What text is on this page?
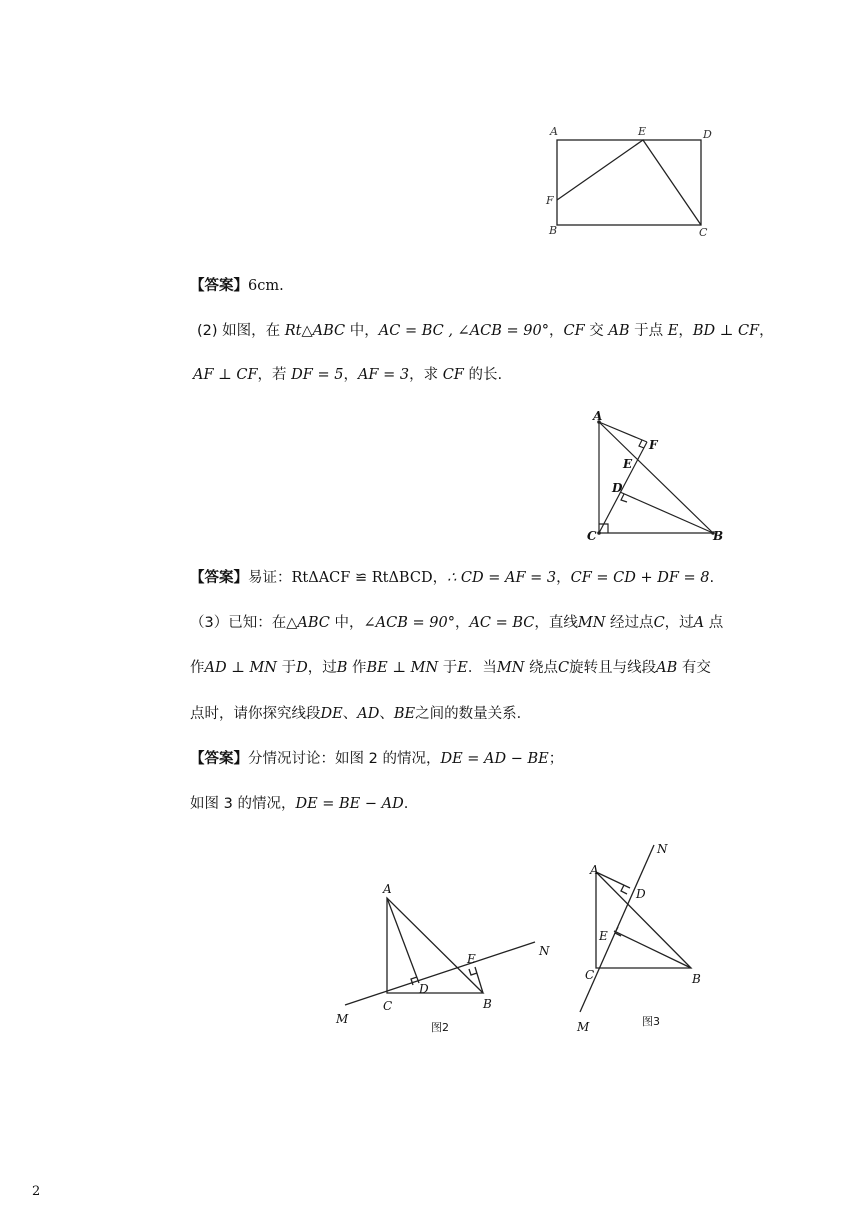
A	E	D
F
B	C
【答案】6cm.
(2) 如图，在 Rt△ABC 中，AC = BC , ∠ACB = 90°，CF 交 AB 于点 E，BD ⊥ CF，
AF ⊥ CF，若 DF = 5，AF = 3，求 CF 的长.
A
F
E
D
C	B
【答案】易证：RtΔACF ≌ RtΔBCD，∴ CD = AF = 3，CF = CD + DF = 8.
（3）已知：在△ABC 中，∠ACB = 90°，AC = BC，直线MN 经过点C，过A 点
作AD ⊥ MN 于D，过B 作BE ⊥ MN 于E．当MN 绕点C旋转且与线段AB 有交
点时，请你探究线段DE、AD、BE之间的数量关系．
【答案】分情况讨论：如图 2 的情况，DE = AD − BE；
如图 3 的情况，DE = BE − AD.
A
E
N
D
C	B
M
图2
N
A
D
E
C	B
M	图3
2
